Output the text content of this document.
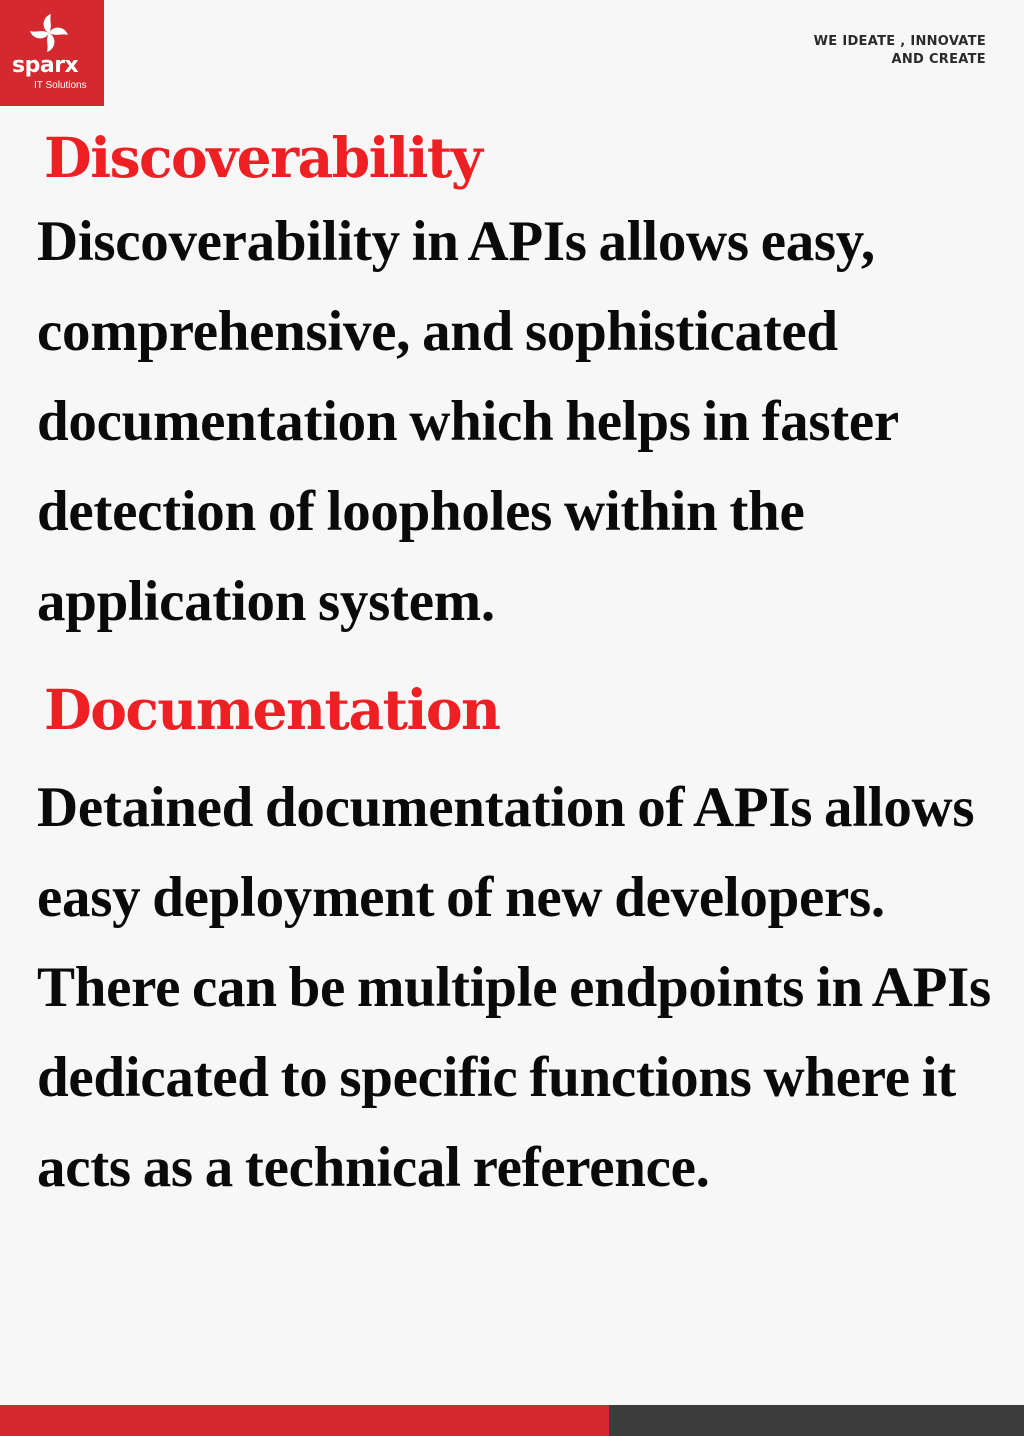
sparx
IT Solutions
WE IDEATE , INNOVATE
AND CREATE
Discoverability

Discoverability in APIs allows easy, comprehensive, and sophisticated documentation which helps in faster detection of loopholes within the application system.

Documentation

Detained documentation of APIs allows easy deployment of new developers. There can be multiple endpoints in APIs dedicated to specific functions where it acts as a technical reference.
